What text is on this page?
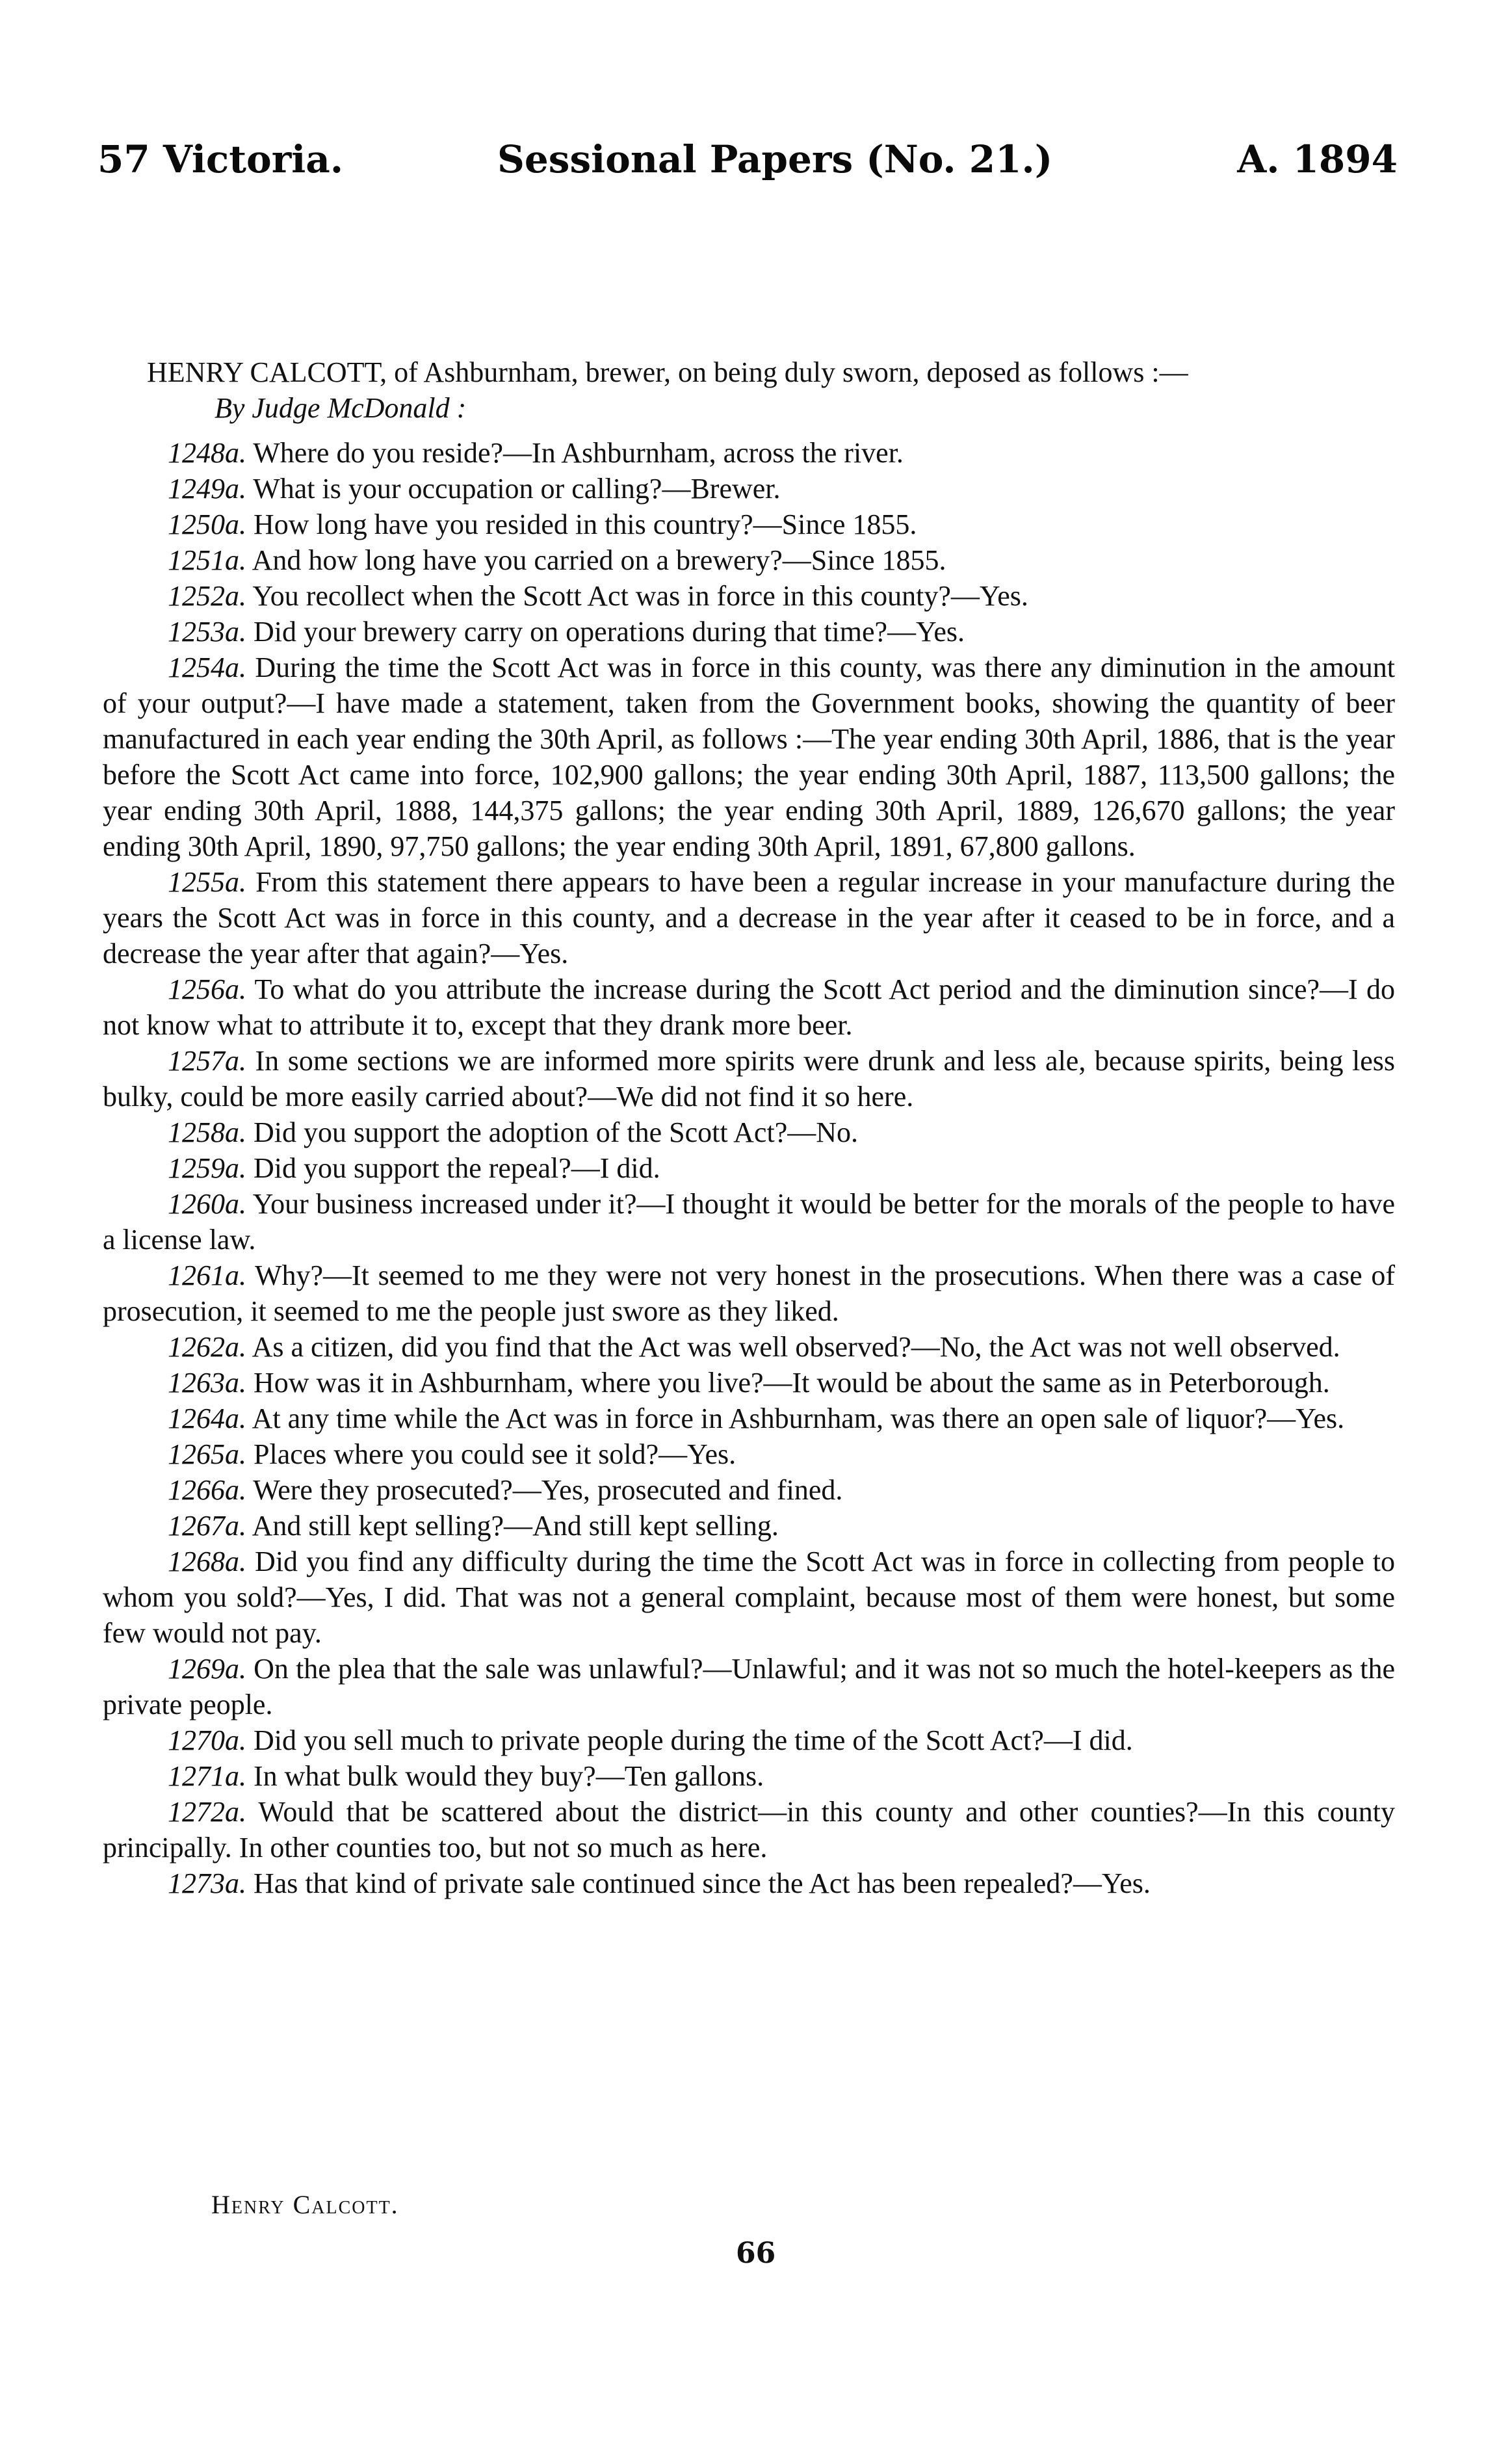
57 Victoria.	Sessional Papers (No. 21.)	A. 1894

HENRY CALCOTT, of Ashburnham, brewer, on being duly sworn, deposed as follows :—

By Judge McDonald :

1248a. Where do you reside?—In Ashburnham, across the river.

1249a. What is your occupation or calling?—Brewer.

1250a. How long have you resided in this country?—Since 1855.

1251a. And how long have you carried on a brewery?—Since 1855.

1252a. You recollect when the Scott Act was in force in this county?—Yes.

1253a. Did your brewery carry on operations during that time?—Yes.

1254a. During the time the Scott Act was in force in this county, was there any diminution in the amount of your output?—I have made a statement, taken from the Government books, showing the quantity of beer manufactured in each year ending the 30th April, as follows :—The year ending 30th April, 1886, that is the year before the Scott Act came into force, 102,900 gallons; the year ending 30th April, 1887, 113,500 gallons; the year ending 30th April, 1888, 144,375 gallons; the year ending 30th April, 1889, 126,670 gallons; the year ending 30th April, 1890, 97,750 gallons; the year ending 30th April, 1891, 67,800 gallons.

1255a. From this statement there appears to have been a regular increase in your manufacture during the years the Scott Act was in force in this county, and a decrease in the year after it ceased to be in force, and a decrease the year after that again?—Yes.

1256a. To what do you attribute the increase during the Scott Act period and the diminution since?—I do not know what to attribute it to, except that they drank more beer.

1257a. In some sections we are informed more spirits were drunk and less ale, because spirits, being less bulky, could be more easily carried about?—We did not find it so here.

1258a. Did you support the adoption of the Scott Act?—No.

1259a. Did you support the repeal?—I did.

1260a. Your business increased under it?—I thought it would be better for the morals of the people to have a license law.

1261a. Why?—It seemed to me they were not very honest in the prosecutions. When there was a case of prosecution, it seemed to me the people just swore as they liked.

1262a. As a citizen, did you find that the Act was well observed?—No, the Act was not well observed.

1263a. How was it in Ashburnham, where you live?—It would be about the same as in Peterborough.

1264a. At any time while the Act was in force in Ashburnham, was there an open sale of liquor?—Yes.

1265a. Places where you could see it sold?—Yes.

1266a. Were they prosecuted?—Yes, prosecuted and fined.

1267a. And still kept selling?—And still kept selling.

1268a. Did you find any difficulty during the time the Scott Act was in force in collecting from people to whom you sold?—Yes, I did. That was not a general complaint, because most of them were honest, but some few would not pay.

1269a. On the plea that the sale was unlawful?—Unlawful; and it was not so much the hotel-keepers as the private people.

1270a. Did you sell much to private people during the time of the Scott Act?—I did.

1271a. In what bulk would they buy?—Ten gallons.

1272a. Would that be scattered about the district—in this county and other counties?—In this county principally. In other counties too, but not so much as here.

1273a. Has that kind of private sale continued since the Act has been repealed?—Yes.

Henry Calcott.
66
